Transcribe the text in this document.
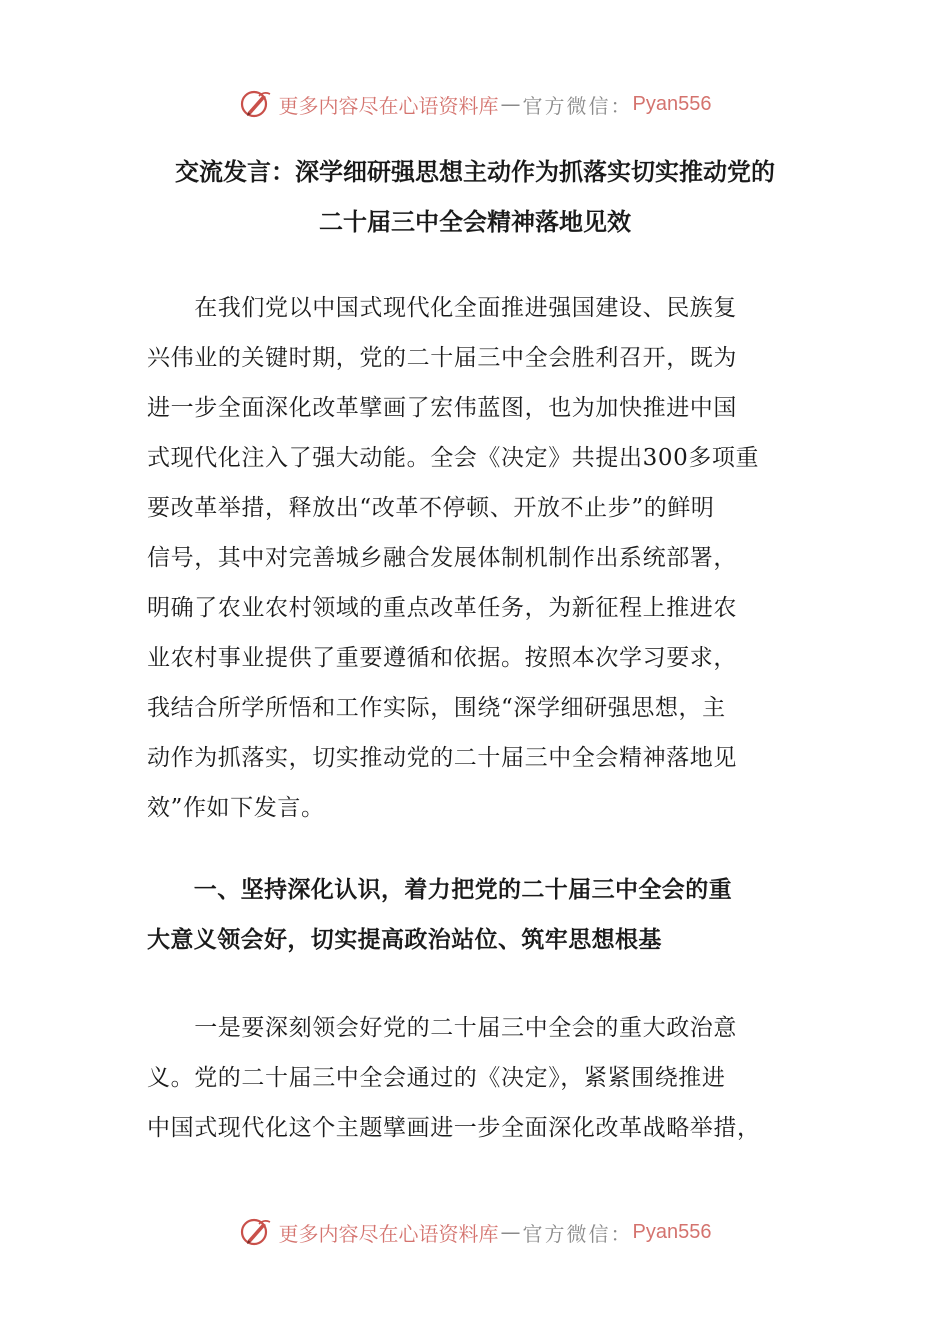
更多内容尽在心语资料库 — 官方微信： Pyan556
交流发言：深学细研强思想主动作为抓落实切实推动党的
二十届三中全会精神落地见效
　　在我们党以中国式现代化全面推进强国建设、民族复
兴伟业的关键时期，党的二十届三中全会胜利召开，既为
进一步全面深化改革擘画了宏伟蓝图，也为加快推进中国
式现代化注入了强大动能。全会《决定》共提出300多项重
要改革举措，释放出“改革不停顿、开放不止步”的鲜明
信号，其中对完善城乡融合发展体制机制作出系统部署，
明确了农业农村领域的重点改革任务，为新征程上推进农
业农村事业提供了重要遵循和依据。按照本次学习要求，
我结合所学所悟和工作实际，围绕“深学细研强思想，主
动作为抓落实，切实推动党的二十届三中全会精神落地见
效”作如下发言。
　　一、坚持深化认识，着力把党的二十届三中全会的重
大意义领会好，切实提高政治站位、筑牢思想根基
　　一是要深刻领会好党的二十届三中全会的重大政治意
义。党的二十届三中全会通过的《决定》，紧紧围绕推进
中国式现代化这个主题擘画进一步全面深化改革战略举措，
更多内容尽在心语资料库 — 官方微信： Pyan556
